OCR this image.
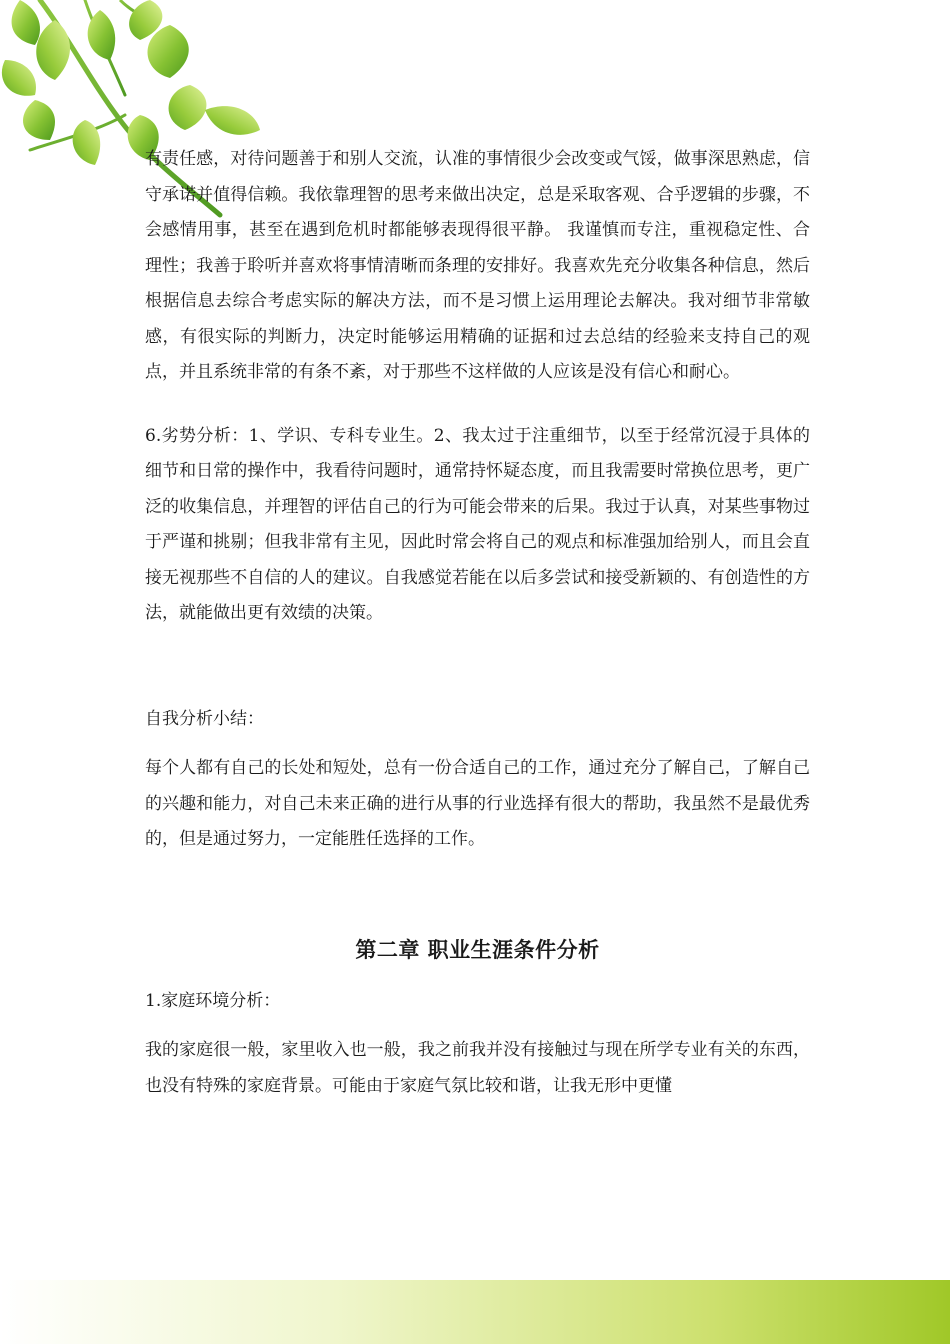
有责任感，对待问题善于和别人交流，认准的事情很少会改变或气馁，做事深思熟虑，信守承诺并值得信赖。我依靠理智的思考来做出决定，总是采取客观、合乎逻辑的步骤，不会感情用事，甚至在遇到危机时都能够表现得很平静。 我谨慎而专注，重视稳定性、合理性；我善于聆听并喜欢将事情清晰而条理的安排好。我喜欢先充分收集各种信息，然后根据信息去综合考虑实际的解决方法，而不是习惯上运用理论去解决。我对细节非常敏感，有很实际的判断力，决定时能够运用精确的证据和过去总结的经验来支持自己的观点，并且系统非常的有条不紊，对于那些不这样做的人应该是没有信心和耐心。

6.劣势分析：1、学识、专科专业生。2、我太过于注重细节，以至于经常沉浸于具体的细节和日常的操作中，我看待问题时，通常持怀疑态度，而且我需要时常换位思考，更广泛的收集信息，并理智的评估自己的行为可能会带来的后果。我过于认真，对某些事物过于严谨和挑剔；但我非常有主见，因此时常会将自己的观点和标准强加给别人，而且会直接无视那些不自信的人的建议。自我感觉若能在以后多尝试和接受新颖的、有创造性的方法，就能做出更有效绩的决策。

自我分析小结：

每个人都有自己的长处和短处，总有一份合适自己的工作，通过充分了解自己，了解自己的兴趣和能力，对自己未来正确的进行从事的行业选择有很大的帮助，我虽然不是最优秀的，但是通过努力，一定能胜任选择的工作。

第二章 职业生涯条件分析

1.家庭环境分析：

我的家庭很一般，家里收入也一般，我之前我并没有接触过与现在所学专业有关的东西，也没有特殊的家庭背景。可能由于家庭气氛比较和谐，让我无形中更懂
